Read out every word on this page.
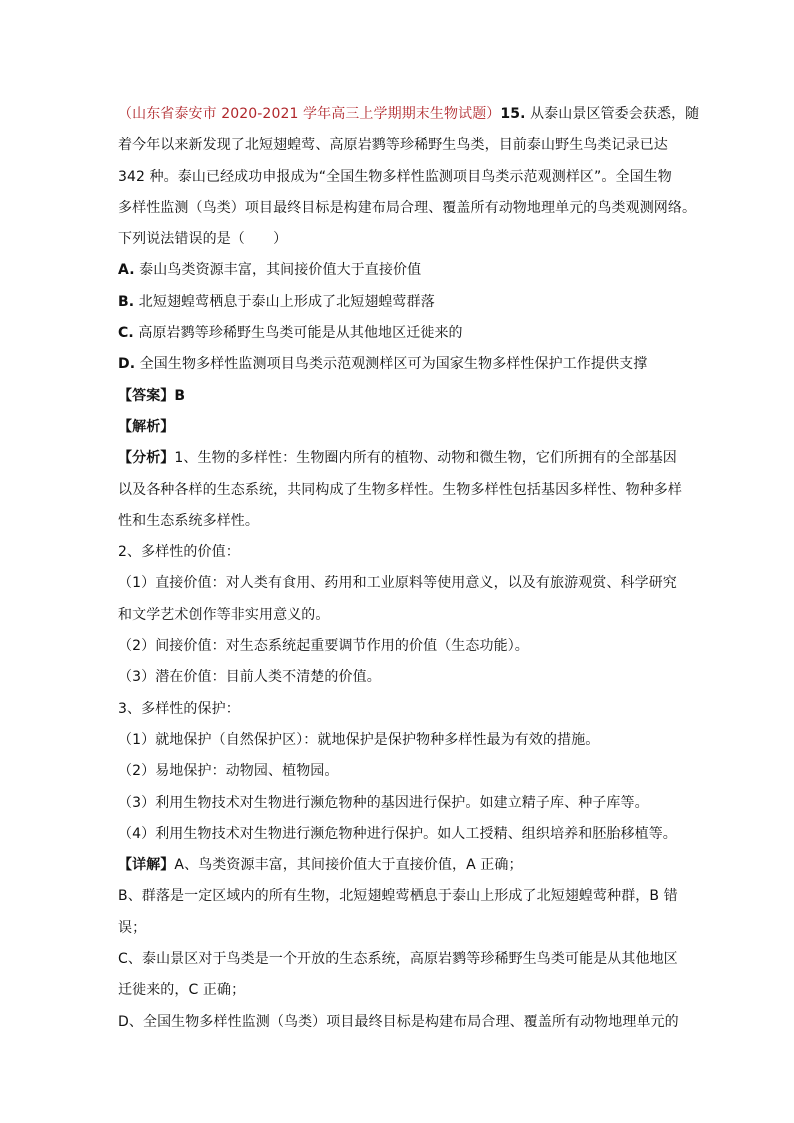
（山东省泰安市 2020-2021 学年高三上学期期末生物试题）15. 从泰山景区管委会获悉，随
着今年以来新发现了北短翅蝗莺、高原岩鹨等珍稀野生鸟类，目前泰山野生鸟类记录已达
342 种。泰山已经成功申报成为“全国生物多样性监测项目鸟类示范观测样区”。全国生物
多样性监测（鸟类）项目最终目标是构建布局合理、覆盖所有动物地理单元的鸟类观测网络。
下列说法错误的是（　　）
A. 泰山鸟类资源丰富，其间接价值大于直接价值
B. 北短翅蝗莺栖息于泰山上形成了北短翅蝗莺群落
C. 高原岩鹨等珍稀野生鸟类可能是从其他地区迁徙来的
D. 全国生物多样性监测项目鸟类示范观测样区可为国家生物多样性保护工作提供支撑
【答案】B
【解析】
【分析】1、生物的多样性：生物圈内所有的植物、动物和微生物，它们所拥有的全部基因
以及各种各样的生态系统，共同构成了生物多样性。生物多样性包括基因多样性、物种多样
性和生态系统多样性。
2、多样性的价值：
（1）直接价值：对人类有食用、药用和工业原料等使用意义，以及有旅游观赏、科学研究
和文学艺术创作等非实用意义的。
（2）间接价值：对生态系统起重要调节作用的价值（生态功能）。
（3）潜在价值：目前人类不清楚的价值。
3、多样性的保护：
（1）就地保护（自然保护区）：就地保护是保护物种多样性最为有效的措施。
（2）易地保护：动物园、植物园。
（3）利用生物技术对生物进行濒危物种的基因进行保护。如建立精子库、种子库等。
（4）利用生物技术对生物进行濒危物种进行保护。如人工授精、组织培养和胚胎移植等。
【详解】A、鸟类资源丰富，其间接价值大于直接价值，A 正确；
B、群落是一定区域内的所有生物，北短翅蝗莺栖息于泰山上形成了北短翅蝗莺种群，B 错
误；
C、泰山景区对于鸟类是一个开放的生态系统，高原岩鹨等珍稀野生鸟类可能是从其他地区
迁徙来的，C 正确；
D、全国生物多样性监测（鸟类）项目最终目标是构建布局合理、覆盖所有动物地理单元的
